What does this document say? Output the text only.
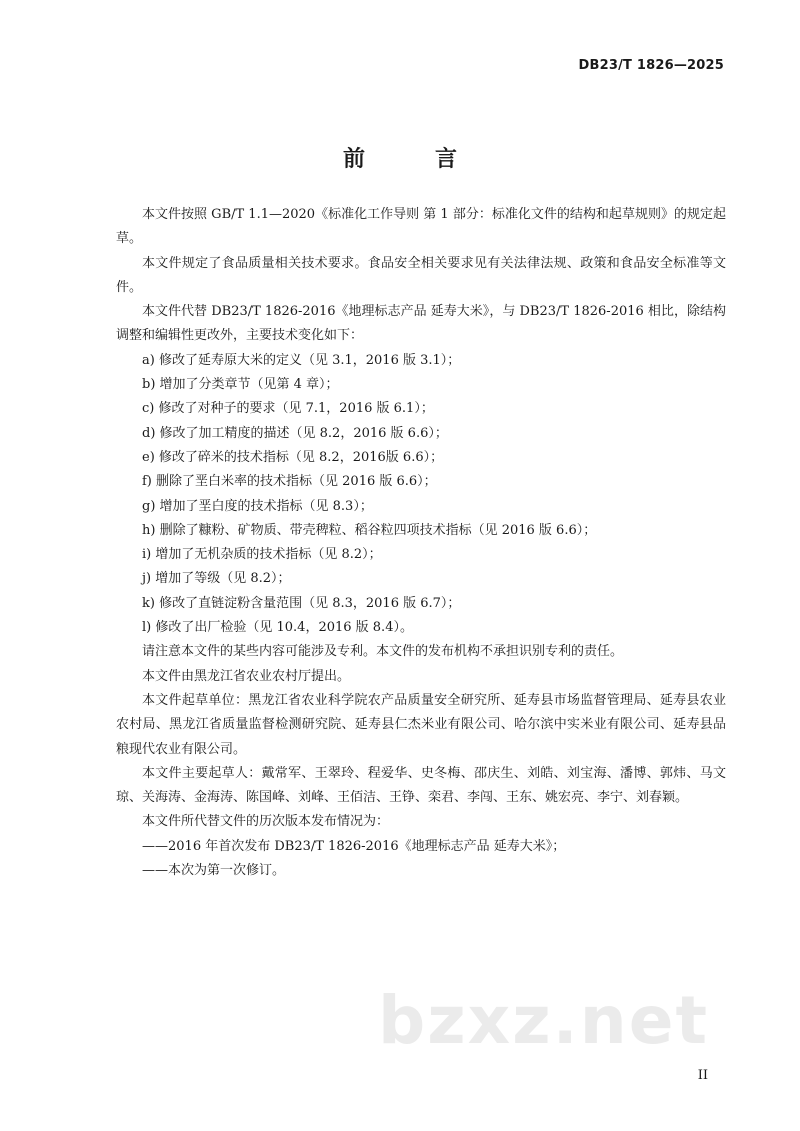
DB23/T 1826—2025
前　言

本文件按照 GB/T 1.1—2020《标准化工作导则 第 1 部分：标准化文件的结构和起草规则》的规定起草。

本文件规定了食品质量相关技术要求。食品安全相关要求见有关法律法规、政策和食品安全标准等文件。

本文件代替 DB23/T 1826-2016《地理标志产品 延寿大米》，与 DB23/T 1826-2016 相比，除结构调整和编辑性更改外，主要技术变化如下：

a) 修改了延寿原大米的定义（见 3.1，2016 版 3.1）；

b) 增加了分类章节（见第 4 章）；

c) 修改了对种子的要求（见 7.1，2016 版 6.1）；

d) 修改了加工精度的描述（见 8.2，2016 版 6.6）；

e) 修改了碎米的技术指标（见 8.2，2016版 6.6）；

f) 删除了垩白米率的技术指标（见 2016 版 6.6）；

g) 增加了垩白度的技术指标（见 8.3）；

h) 删除了糠粉、矿物质、带壳稗粒、稻谷粒四项技术指标（见 2016 版 6.6）；

i) 增加了无机杂质的技术指标（见 8.2）；

j) 增加了等级（见 8.2）；

k) 修改了直链淀粉含量范围（见 8.3，2016 版 6.7）；

l) 修改了出厂检验（见 10.4，2016 版 8.4）。

请注意本文件的某些内容可能涉及专利。本文件的发布机构不承担识别专利的责任。

本文件由黑龙江省农业农村厅提出。

本文件起草单位：黑龙江省农业科学院农产品质量安全研究所、延寿县市场监督管理局、延寿县农业农村局、黑龙江省质量监督检测研究院、延寿县仁杰米业有限公司、哈尔滨中实米业有限公司、延寿县品粮现代农业有限公司。

本文件主要起草人：戴常军、王翠玲、程爱华、史冬梅、邵庆生、刘皓、刘宝海、潘博、郭炜、马文琼、关海涛、金海涛、陈国峰、刘峰、王佰洁、王铮、栾君、李闯、王东、姚宏亮、李宁、刘春颖。

本文件所代替文件的历次版本发布情况为：

——2016 年首次发布 DB23/T 1826-2016《地理标志产品 延寿大米》；

——本次为第一次修订。

bzxz.net
II
